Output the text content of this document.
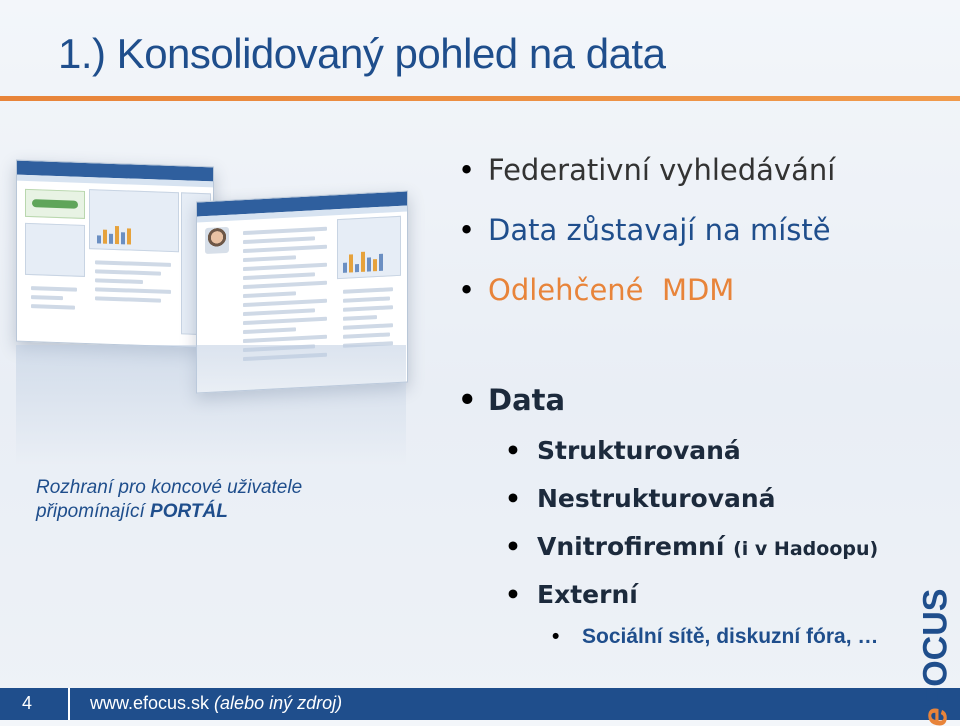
1.) Konsolidovaný pohled na data
Rozhraní pro koncové uživatele
připomínající PORTÁL
• Federativní vyhledávání
• Data zůstavají na místě
• Odlehčené  MDM
• Data
• Strukturovaná
• Nestrukturovaná
• Vnitrofiremní (i v Hadoopu)
• Externí
• Sociální sítě, diskuzní fóra, …
4	www.efocus.sk (alebo iný zdroj)
eFOCUS
